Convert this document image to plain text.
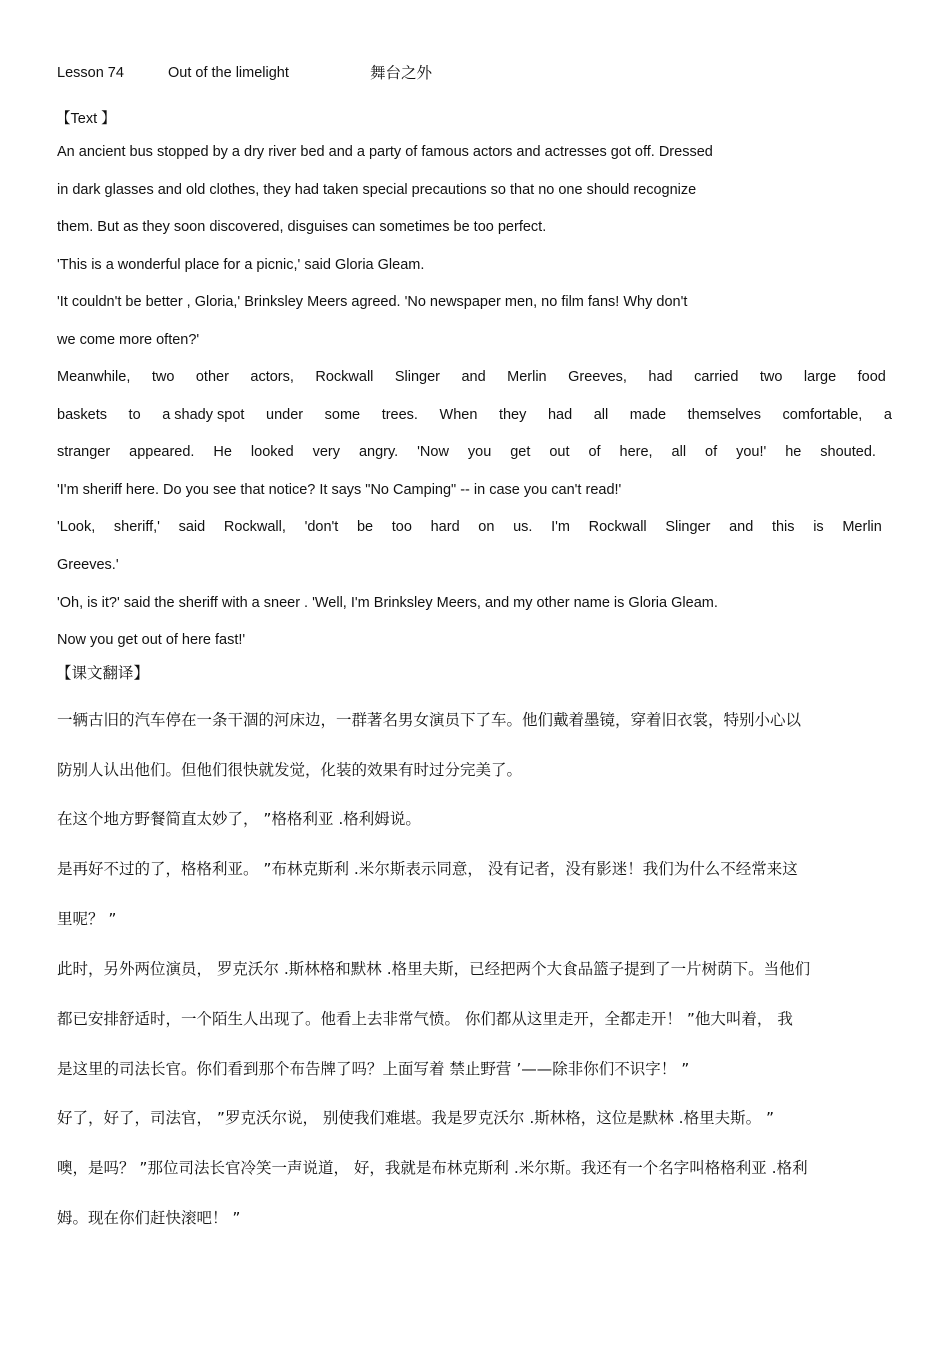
Lesson 74	Out of the limelight	舞台之外
【Text 】
An ancient bus stopped by a dry river bed and a party of famous actors and actresses got off. Dressed
in dark glasses and old clothes, they had taken special precautions so that no one should recognize
them. But as they soon discovered, disguises can sometimes be too perfect.
'This is a wonderful place for a picnic,' said Gloria Gleam.
'It couldn't be better , Gloria,' Brinksley Meers agreed. 'No newspaper men, no film fans! Why don't
we come more often?'
Meanwhile, two other actors, Rockwall Slinger and Merlin Greeves, had carried two large food
baskets to a shady spot under some trees. When they had all made themselves comfortable, a
stranger appeared. He looked very angry. 'Now you get out of here, all of you!' he shouted.
'I'm sheriff here. Do you see that notice? It says "No Camping" -- in case you can't read!'
'Look, sheriff,' said Rockwall, 'don't be too hard on us. I'm Rockwall Slinger and this is Merlin
Greeves.'
'Oh, is it?' said the sheriff with a sneer . 'Well, I'm Brinksley Meers, and my other name is Gloria Gleam.
Now you get out of here fast!'
【课文翻译】
一辆古旧的汽车停在一条干涸的河床边，一群著名男女演员下了车。他们戴着墨镜，穿着旧衣裳，特别小心以
防别人认出他们。但他们很快就发觉，化装的效果有时过分完美了。
在这个地方野餐简直太妙了， ”格格利亚 .格利姆说。
是再好不过的了，格格利亚。 ”布林克斯利 .米尔斯表示同意， 没有记者，没有影迷！我们为什么不经常来这
里呢？ ”
此时，另外两位演员， 罗克沃尔 .斯林格和默林 .格里夫斯，已经把两个大食品篮子提到了一片树荫下。当他们
都已安排舒适时，一个陌生人出现了。他看上去非常气愤。 你们都从这里走开，全都走开！ ”他大叫着， 我
是这里的司法长官。你们看到那个布告牌了吗？上面写着 禁止野营 ’——除非你们不识字！ ”
好了，好了，司法官， ”罗克沃尔说， 别使我们难堪。我是罗克沃尔 .斯林格，这位是默林 .格里夫斯。 ”
噢，是吗？ ”那位司法长官冷笑一声说道， 好，我就是布林克斯利 .米尔斯。我还有一个名字叫格格利亚 .格利
姆。现在你们赶快滚吧！ ”
